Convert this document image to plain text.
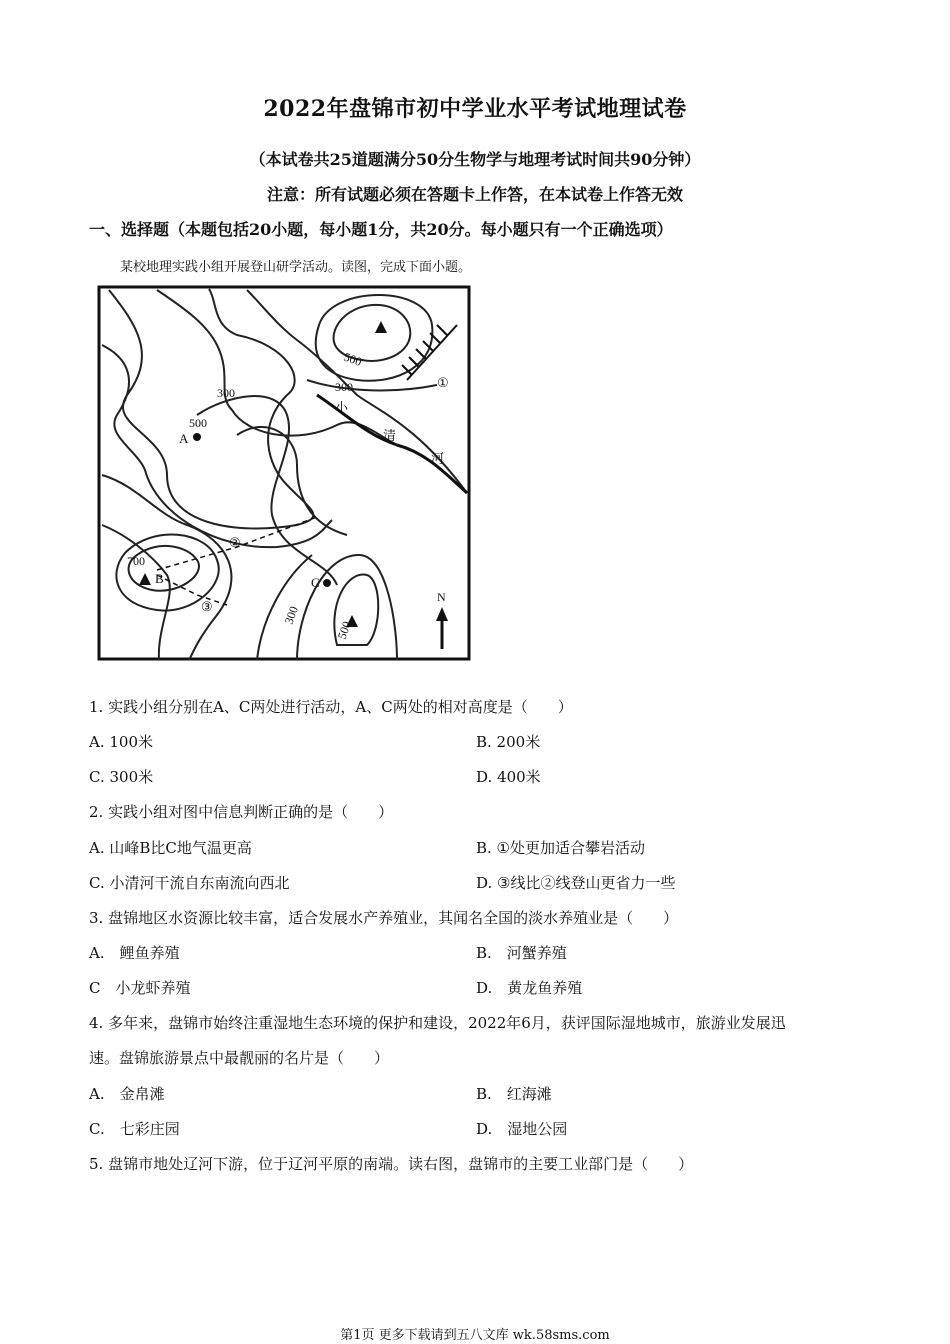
2022年盘锦市初中学业水平考试地理试卷
（本试卷共25道题满分50分生物学与地理考试时间共90分钟）
注意：所有试题必须在答题卡上作答，在本试卷上作答无效
一、选择题（本题包括20小题，每小题1分，共20分。每小题只有一个正确选项）
某校地理实践小组开展登山研学活动。读图，完成下面小题。
300
500
500
300
700
300
500
A
B	C
①
②
③
小
清
河
N
1. 实践小组分别在A、C两处进行活动，A、C两处的相对高度是（　　）
A. 100米	B. 200米
C. 300米	D. 400米
2. 实践小组对图中信息判断正确的是（　　）
A. 山峰B比C地气温更高	B. ①处更加适合攀岩活动
C. 小清河干流自东南流向西北	D. ③线比②线登山更省力一些
3. 盘锦地区水资源比较丰富，适合发展水产养殖业，其闻名全国的淡水养殖业是（　　）
A.　鲤鱼养殖	B.　河蟹养殖
C　小龙虾养殖	D.　黄龙鱼养殖
4. 多年来，盘锦市始终注重湿地生态环境的保护和建设，2022年6月，获评国际湿地城市，旅游业发展迅
速。盘锦旅游景点中最靓丽的名片是（　　）
A.　金帛滩	B.　红海滩
C.　七彩庄园	D.　湿地公园
5. 盘锦市地处辽河下游，位于辽河平原的南端。读右图，盘锦市的主要工业部门是（　　）
第1页 更多下载请到五八文库 wk.58sms.com
